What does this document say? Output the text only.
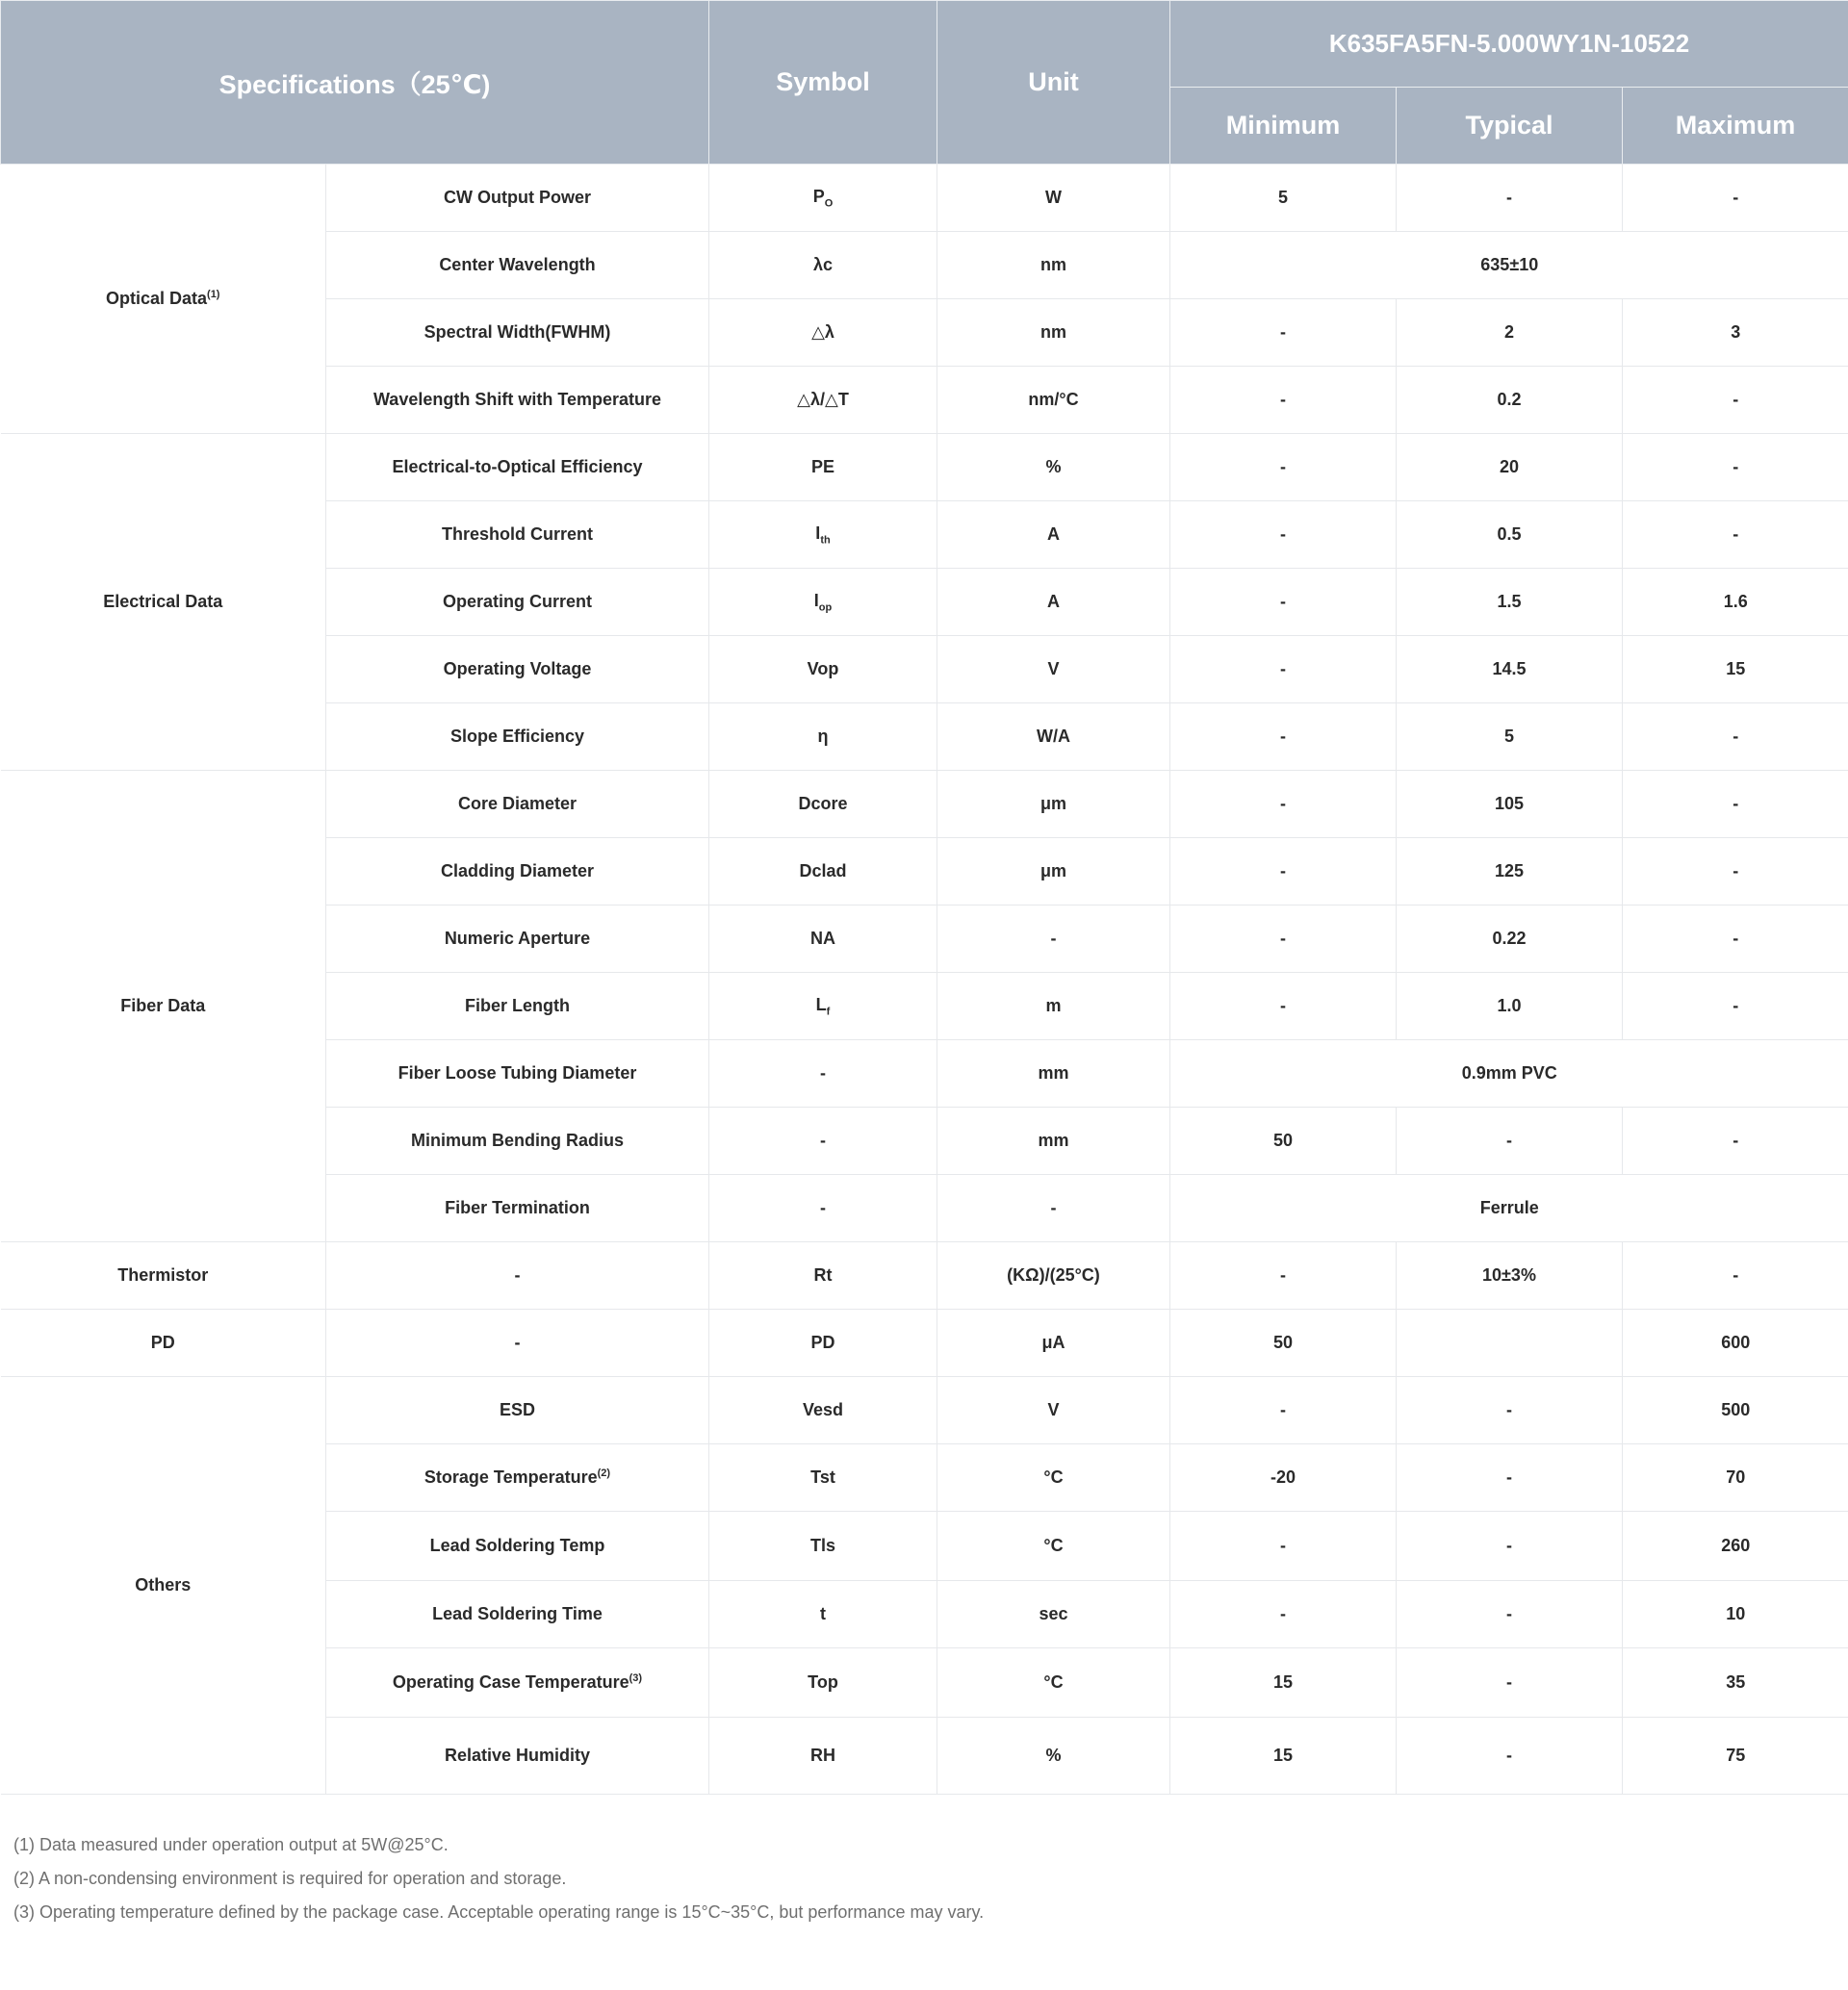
Specifications（25℃)		Symbol	Unit	K635FA5FN-5.000WY1N-10522		
				Minimum	Typical	Maximum
Optical Data$^{(1)}$	CW Output Power	$P_O$	W	5	-	-
	Center Wavelength	λc	nm	635±10		
	Spectral Width(FWHM)	△λ	nm	-	2	3
	Wavelength Shift with Temperature	△λ/△T	nm/°C	-	0.2	-
Electrical Data	Electrical-to-Optical Efficiency	PE	%	-	20	-
	Threshold Current	$I_{th}$	A	-	0.5	-
	Operating Current	$I_{op}$	A	-	1.5	1.6
	Operating Voltage	Vop	V	-	14.5	15
	Slope Efficiency	η	W/A	-	5	-
Fiber Data	Core Diameter	Dcore	μm	-	105	-
	Cladding Diameter	Dclad	μm	-	125	-
	Numeric Aperture	NA	-	-	0.22	-
	Fiber Length	$L_f$	m	-	1.0	-
	Fiber Loose Tubing Diameter	-	mm	0.9mm PVC		
	Minimum Bending Radius	-	mm	50	-	-
	Fiber Termination	-	-	Ferrule		
Thermistor	-	Rt	(KΩ)/(25°C)	-	10±3%	-
PD	-	PD	μA	50		600
Others	ESD	Vesd	V	-	-	500
	Storage Temperature$^{(2)}$	Tst	°C	-20	-	70
	Lead Soldering Temp	Tls	°C	-	-	260
	Lead Soldering Time	t	sec	-	-	10
	Operating Case Temperature$^{(3)}$	Top	°C	15	-	35
	Relative Humidity	RH	%	15	-	75
(1) Data measured under operation output at 5W@25°C.
(2) A non-condensing environment is required for operation and storage.
(3) Operating temperature defined by the package case. Acceptable operating range is 15°C~35°C, but performance may vary.
